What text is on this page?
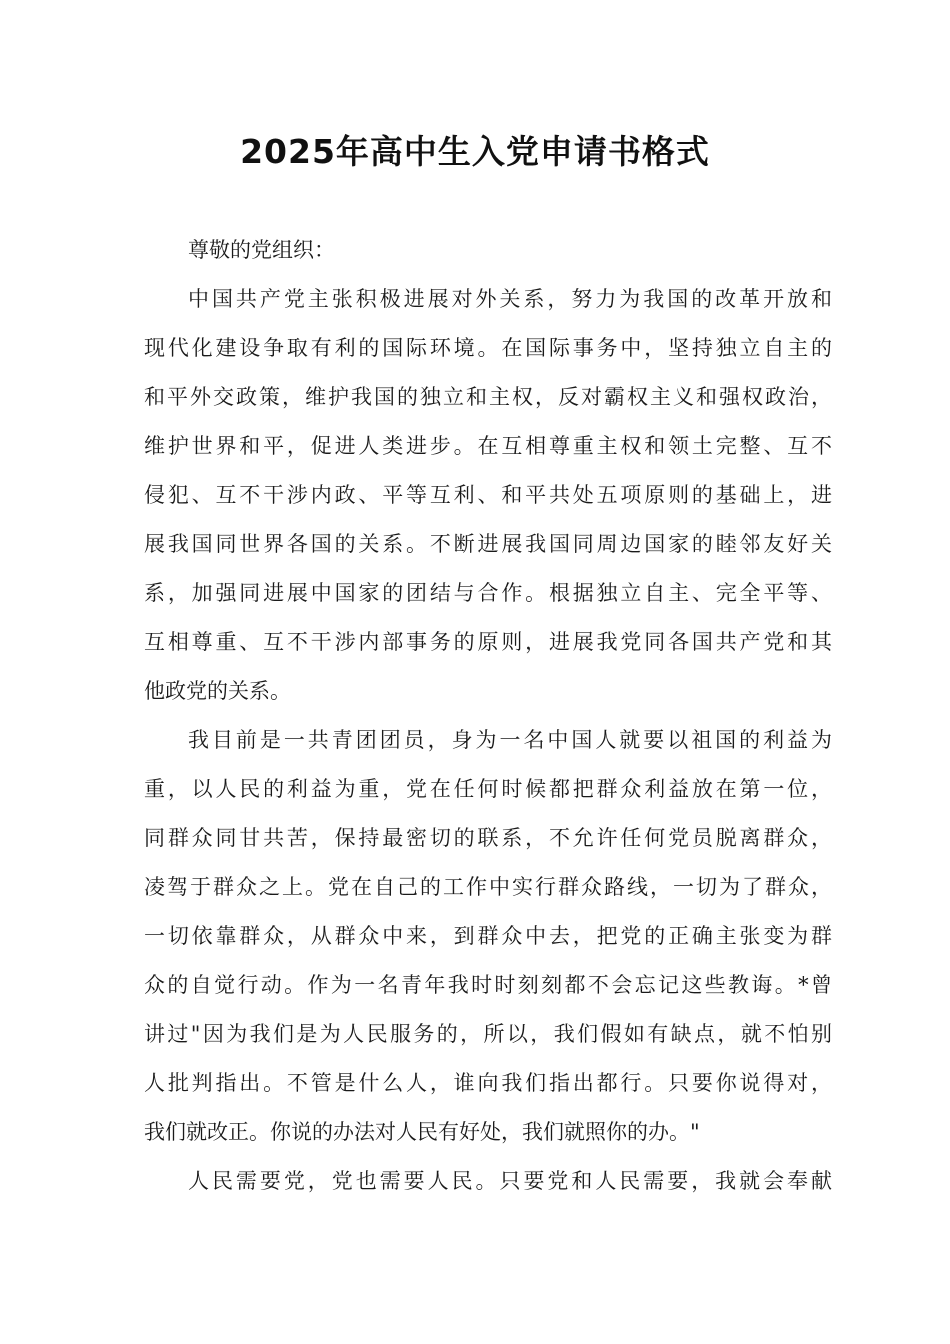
2025年高中生入党申请书格式
尊敬的党组织：
中国共产党主张积极进展对外关系，努力为我国的改革开放和
现代化建设争取有利的国际环境。在国际事务中，坚持独立自主的
和平外交政策，维护我国的独立和主权，反对霸权主义和强权政治，
维护世界和平，促进人类进步。在互相尊重主权和领土完整、互不
侵犯、互不干涉内政、平等互利、和平共处五项原则的基础上，进
展我国同世界各国的关系。不断进展我国同周边国家的睦邻友好关
系，加强同进展中国家的团结与合作。根据独立自主、完全平等、
互相尊重、互不干涉内部事务的原则，进展我党同各国共产党和其
他政党的关系。
我目前是一共青团团员，身为一名中国人就要以祖国的利益为
重，以人民的利益为重，党在任何时候都把群众利益放在第一位，
同群众同甘共苦，保持最密切的联系，不允许任何党员脱离群众，
凌驾于群众之上。党在自己的工作中实行群众路线，一切为了群众，
一切依靠群众，从群众中来，到群众中去，把党的正确主张变为群
众的自觉行动。作为一名青年我时时刻刻都不会忘记这些教诲。*曾
讲过"因为我们是为人民服务的，所以，我们假如有缺点，就不怕别
人批判指出。不管是什么人，谁向我们指出都行。只要你说得对，
我们就改正。你说的办法对人民有好处，我们就照你的办。"
人民需要党，党也需要人民。只要党和人民需要，我就会奉献
